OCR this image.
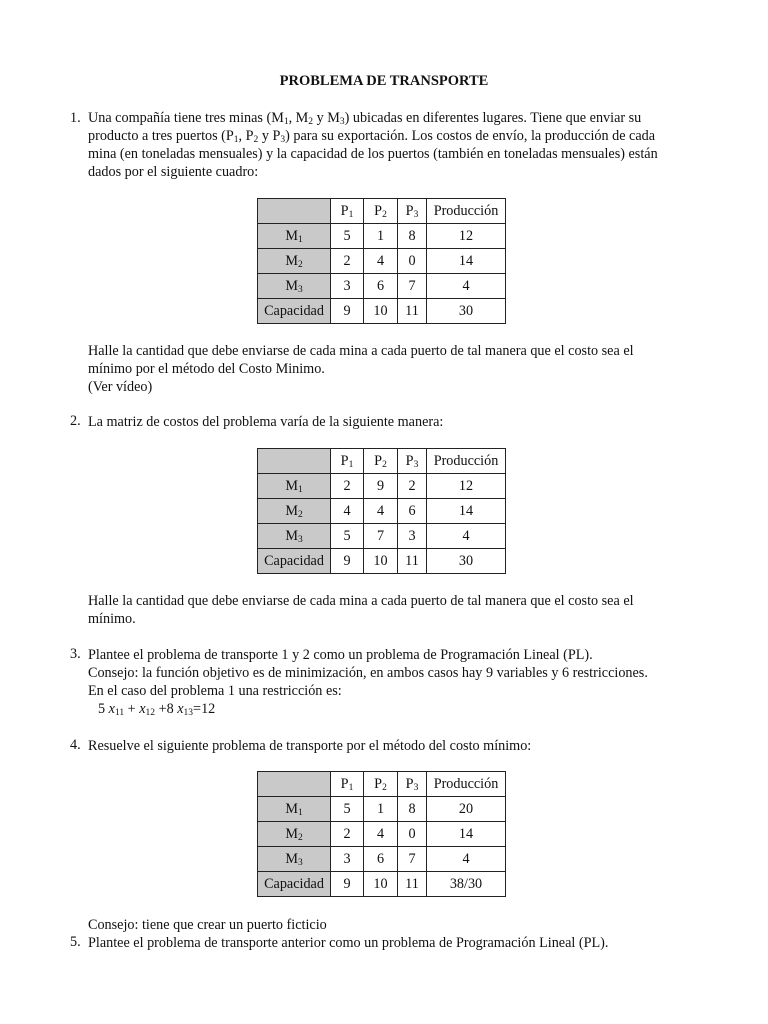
PROBLEMA DE TRANSPORTE
1. Una compañía tiene tres minas ($M_1$, $M_2$ y $M_3$) ubicadas en diferentes lugares. Tiene que enviar su
producto a tres puertos ($P_1$, $P_2$ y $P_3$) para su exportación. Los costos de envío, la producción de cada
mina (en toneladas mensuales) y la capacidad de los puertos (también en toneladas mensuales) están
dados por el siguiente cuadro:
	$P_1$	$P_2$	$P_3$	Producción
$M_1$	5	1	8	12
$M_2$	2	4	0	14
$M_3$	3	6	7	4
Capacidad	9	10	11	30
Halle la cantidad que debe enviarse de cada mina a cada puerto de tal manera que el costo sea el
mínimo por el método del Costo Minimo.
(Ver vídeo)
2. La matriz de costos del problema varía de la siguiente manera:
	$P_1$	$P_2$	$P_3$	Producción
$M_1$	2	9	2	12
$M_2$	4	4	6	14
$M_3$	5	7	3	4
Capacidad	9	10	11	30
Halle la cantidad que debe enviarse de cada mina a cada puerto de tal manera que el costo sea el
mínimo.
3. Plantee el problema de transporte 1 y 2 como un problema de Programación Lineal (PL).
Consejo: la función objetivo es de minimización, en ambos casos hay 9 variables y 6 restricciones.
En el caso del problema 1 una restricción es:
5 $x_{11} + x_{12} +8$ $x_{13}=12$
4. Resuelve el siguiente problema de transporte por el método del costo mínimo:
	$P_1$	$P_2$	$P_3$	Producción
$M_1$	5	1	8	20
$M_2$	2	4	0	14
$M_3$	3	6	7	4
Capacidad	9	10	11	38/30
Consejo: tiene que crear un puerto ficticio
5. Plantee el problema de transporte anterior como un problema de Programación Lineal (PL).
